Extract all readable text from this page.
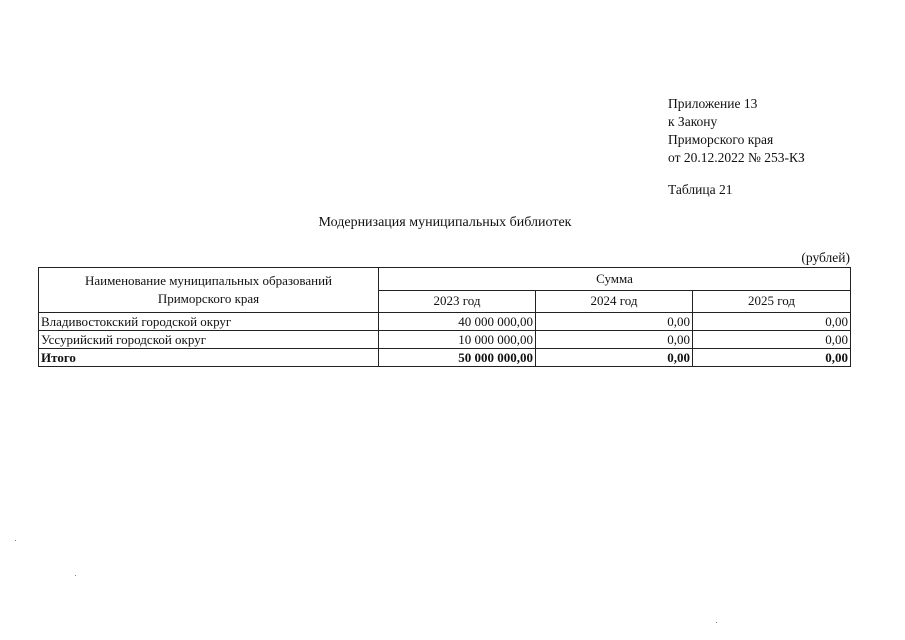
Приложение 13
к Закону
Приморского края
от 20.12.2022 № 253-КЗ
Таблица 21
Модернизация муниципальных библиотек
(рублей)
Наименование муниципальных образований
Приморского края	Сумма		
	2023 год	2024 год	2025 год
Владивостокский городской округ	40 000 000,00	0,00	0,00
Уссурийский городской округ	10 000 000,00	0,00	0,00
Итого	50 000 000,00	0,00	0,00
